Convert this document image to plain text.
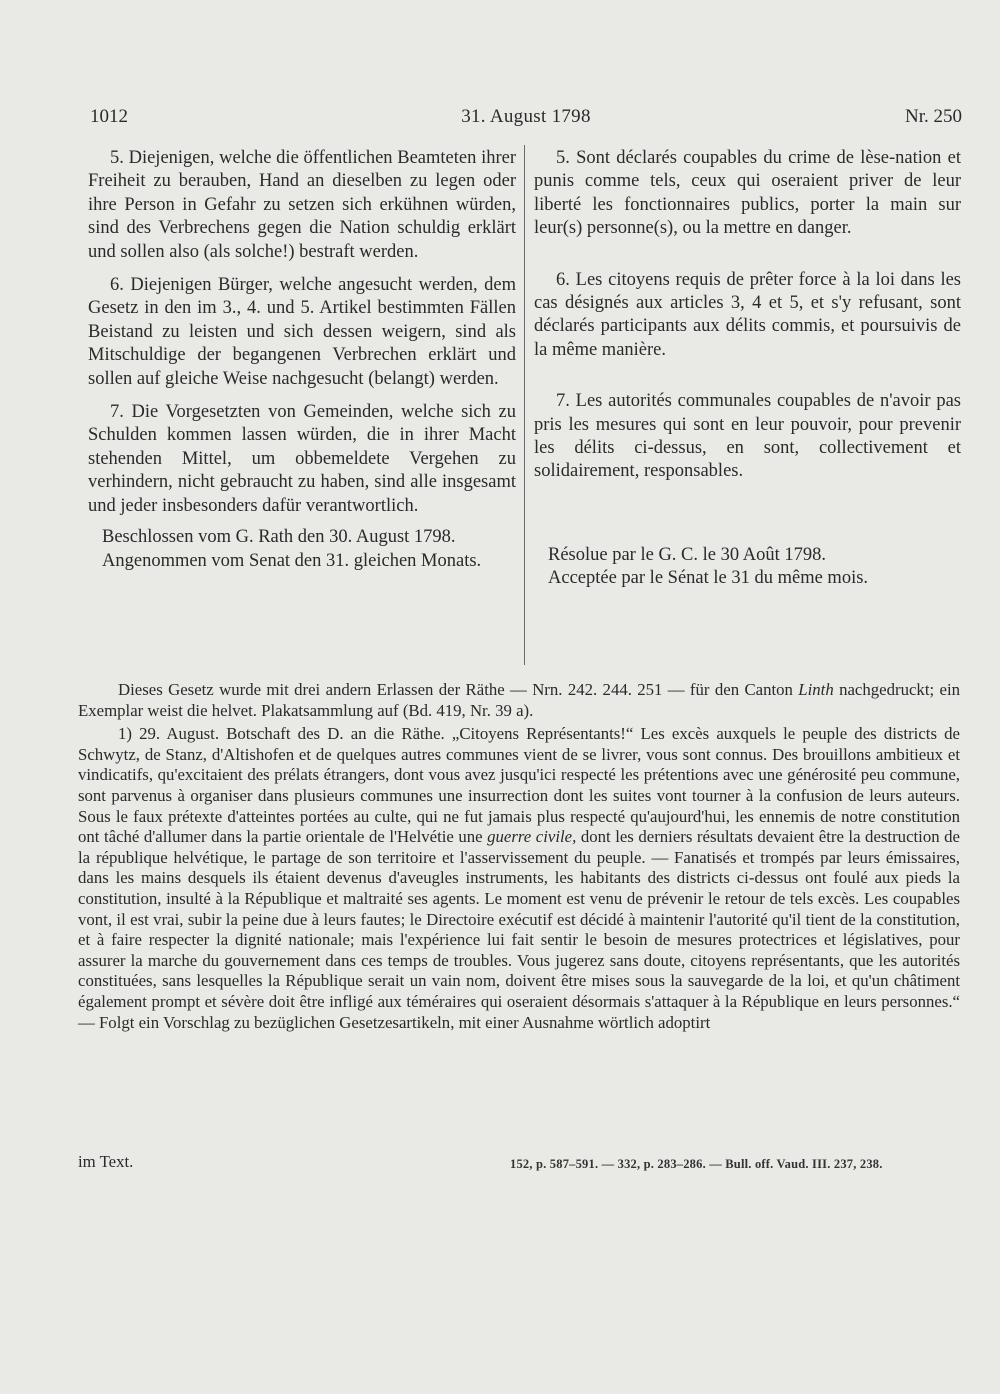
1012	31. August 1798	Nr. 250

5. Diejenigen, welche die öffentlichen Beamteten ihrer Freiheit zu berauben, Hand an dieselben zu legen oder ihre Person in Gefahr zu setzen sich erkühnen würden, sind des Verbrechens gegen die Nation schuldig erklärt und sollen also (als solche!) bestraft werden.

6. Diejenigen Bürger, welche angesucht werden, dem Gesetz in den im 3., 4. und 5. Artikel bestimmten Fällen Beistand zu leisten und sich dessen weigern, sind als Mitschuldige der begangenen Verbrechen erklärt und sollen auf gleiche Weise nachgesucht (belangt) werden.

7. Die Vorgesetzten von Gemeinden, welche sich zu Schulden kommen lassen würden, die in ihrer Macht stehenden Mittel, um obbemeldete Vergehen zu verhindern, nicht gebraucht zu haben, sind alle insgesamt und jeder insbesonders dafür verantwortlich.

Beschlossen vom G. Rath den 30. August 1798.

Angenommen vom Senat den 31. gleichen Monats.

5. Sont déclarés coupables du crime de lèse-nation et punis comme tels, ceux qui oseraient priver de leur liberté les fonctionnaires publics, porter la main sur leur(s) personne(s), ou la mettre en danger.

6. Les citoyens requis de prêter force à la loi dans les cas désignés aux articles 3, 4 et 5, et s'y refusant, sont déclarés participants aux délits commis, et poursuivis de la même manière.

7. Les autorités communales coupables de n'avoir pas pris les mesures qui sont en leur pouvoir, pour prevenir les délits ci-dessus, en sont, collectivement et solidairement, responsables.

Résolue par le G. C. le 30 Août 1798.

Acceptée par le Sénat le 31 du même mois.

Dieses Gesetz wurde mit drei andern Erlassen der Räthe — Nrn. 242. 244. 251 — für den Canton Linth nachgedruckt; ein Exemplar weist die helvet. Plakatsammlung auf (Bd. 419, Nr. 39 a).

1) 29. August. Botschaft des D. an die Räthe. „Citoyens Représentants!“ Les excès auxquels le peuple des districts de Schwytz, de Stanz, d'Altishofen et de quelques autres communes vient de se livrer, vous sont connus. Des brouillons ambitieux et vindicatifs, qu'excitaient des prélats étrangers, dont vous avez jusqu'ici respecté les prétentions avec une générosité peu commune, sont parvenus à organiser dans plusieurs communes une insurrection dont les suites vont tourner à la confusion de leurs auteurs. Sous le faux prétexte d'atteintes portées au culte, qui ne fut jamais plus respecté qu'aujourd'hui, les ennemis de notre constitution ont tâché d'allumer dans la partie orientale de l'Helvétie une guerre civile, dont les derniers résultats devaient être la destruction de la république helvétique, le partage de son territoire et l'asservissement du peuple. — Fanatisés et trompés par leurs émissaires, dans les mains desquels ils étaient devenus d'aveugles instruments, les habitants des districts ci-dessus ont foulé aux pieds la constitution, insulté à la République et maltraité ses agents. Le moment est venu de prévenir le retour de tels excès. Les coupables vont, il est vrai, subir la peine due à leurs fautes; le Directoire exécutif est décidé à maintenir l'autorité qu'il tient de la constitution, et à faire respecter la dignité nationale; mais l'expérience lui fait sentir le besoin de mesures protectrices et législatives, pour assurer la marche du gouvernement dans ces temps de troubles. Vous jugerez sans doute, citoyens représentants, que les autorités constituées, sans lesquelles la République serait un vain nom, doivent être mises sous la sauvegarde de la loi, et qu'un châtiment également prompt et sévère doit être infligé aux téméraires qui oseraient désormais s'attaquer à la République en leurs personnes.“ — Folgt ein Vorschlag zu bezüglichen Gesetzesartikeln, mit einer Ausnahme wörtlich adoptirt

im Text.	152, p. 587–591. — 332, p. 283–286. — Bull. off. Vaud. III. 237, 238.
